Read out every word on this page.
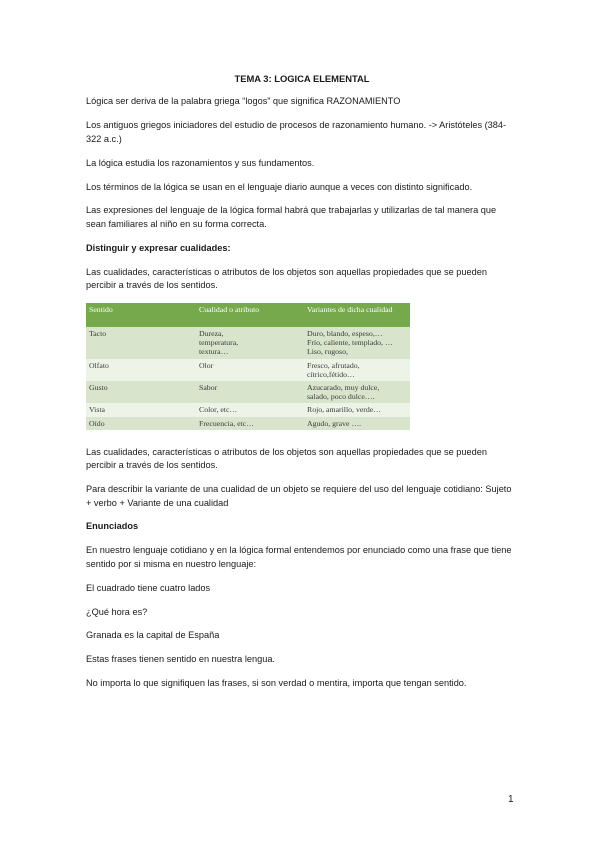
TEMA 3: LOGICA ELEMENTAL

Lógica ser deriva de la palabra griega “logos” que significa RAZONAMIENTO

Los antiguos griegos iniciadores del estudio de procesos de razonamiento humano. -> Aristóteles (384-322 a.c.)

La lógica estudia los razonamientos y sus fundamentos.

Los términos de la lógica se usan en el lenguaje diario aunque a veces con distinto significado.

Las expresiones del lenguaje de la lógica formal habrá que trabajarlas y utilizarlas de tal manera que sean familiares al niño en su forma correcta.

Distinguir y expresar cualidades:

Las cualidades, características o atributos de los objetos son aquellas propiedades que se pueden percibir a través de los sentidos.

Sentido	Cualidad o atributo	Variantes de dicha cualidad
Tacto	Dureza,
temperatura,
textura…	Duro, blando, espeso,…
Frío, caliente, templado, …
Liso, rugoso,

Olfato	Olor	Fresco, afrutado,
cítrico,fétido…

Gusto	Sabor	Azucarado, muy dulce,
salado, poco dulce….

Vista	Color, etc…	Rojo, amarillo, verde…

Oído	Frecuencia, etc…	Agudo, grave ….

Las cualidades, características o atributos de los objetos son aquellas propiedades que se pueden percibir a través de los sentidos.

Para describir la variante de una cualidad de un objeto se requiere del uso del lenguaje cotidiano: Sujeto + verbo + Variante de una cualidad

Enunciados

En nuestro lenguaje cotidiano y en la lógica formal entendemos por enunciado como una frase que tiene sentido por si misma en nuestro lenguaje:

El cuadrado tiene cuatro lados

¿Qué hora es?

Granada es la capital de España

Estas frases tienen sentido en nuestra lengua.

No importa lo que signifiquen las frases, si son verdad o mentira, importa que tengan sentido.

1
